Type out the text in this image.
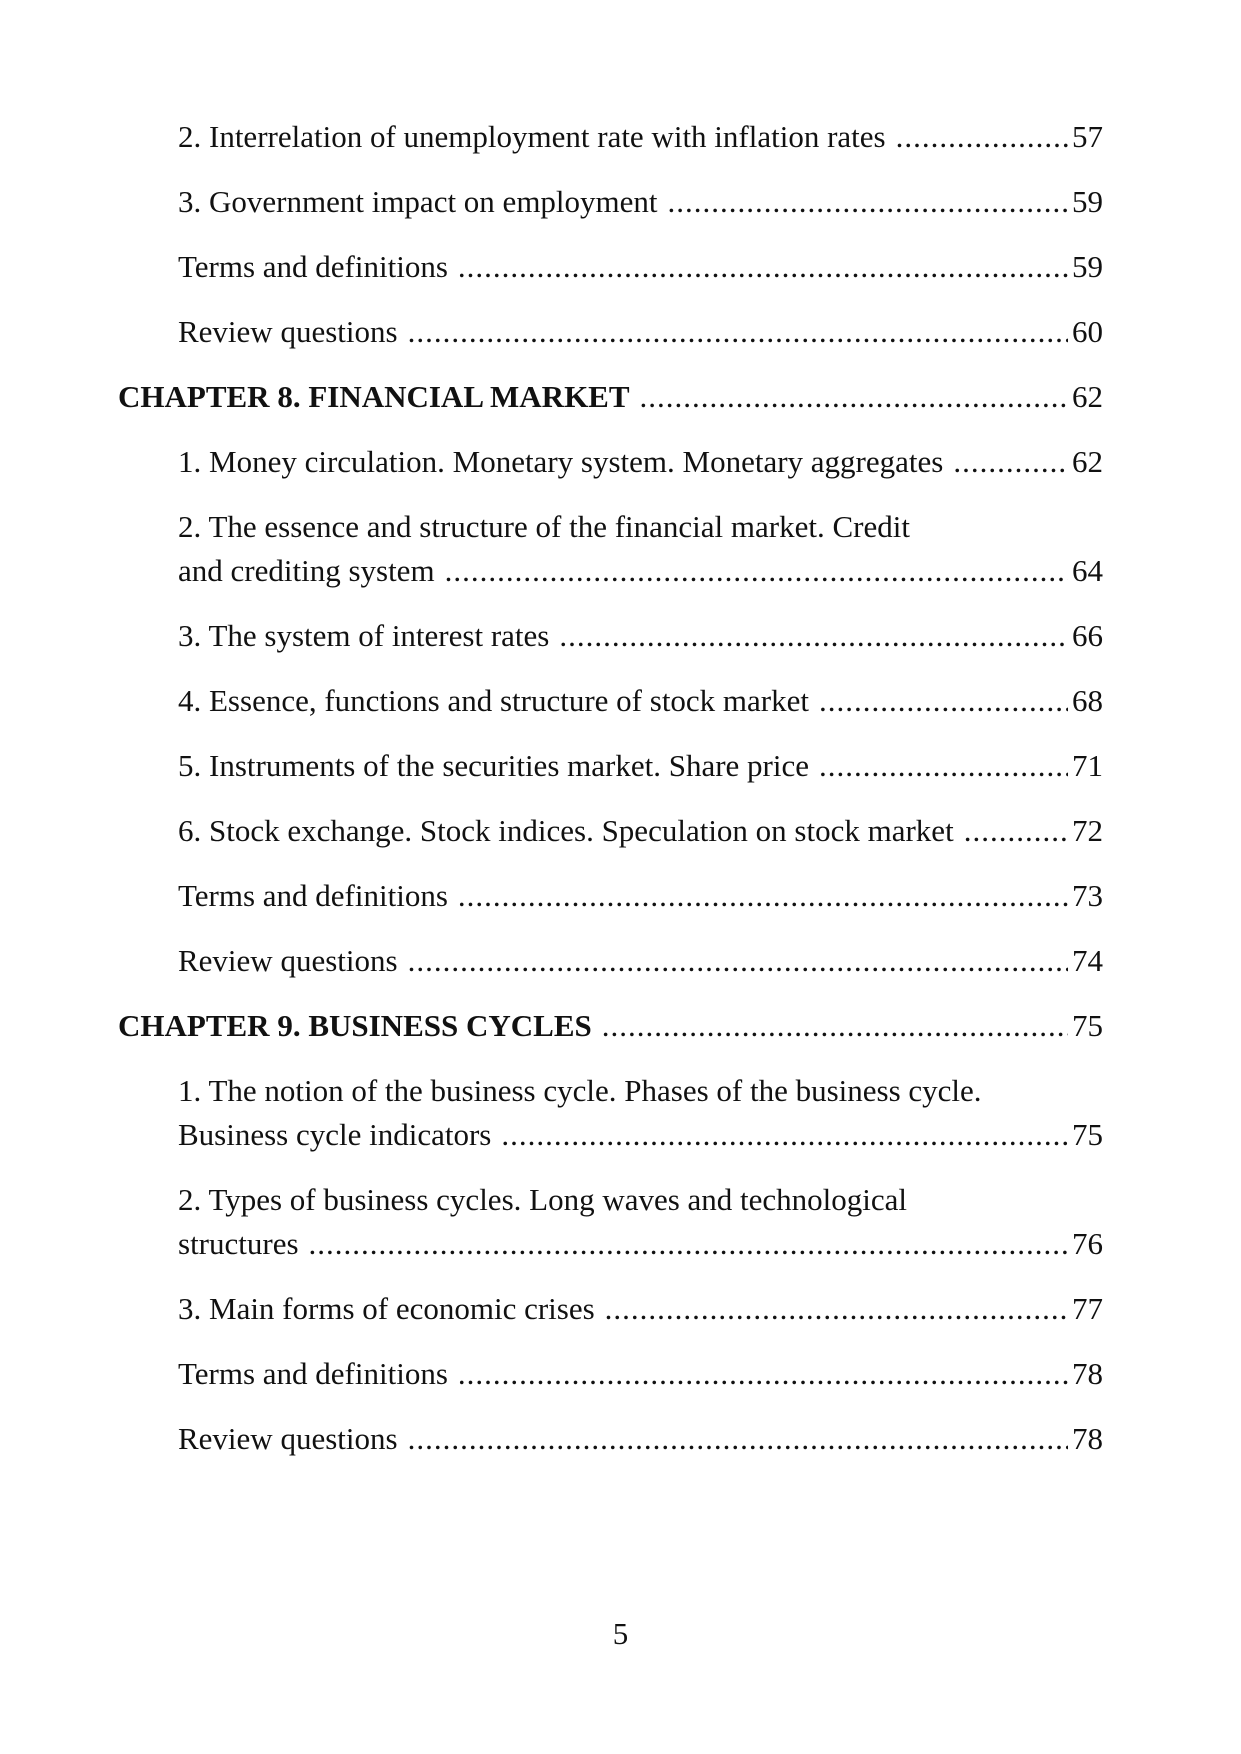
2. Interrelation of unemployment rate with inflation rates .....	57
3. Government impact on employment .....	59
Terms and definitions .....	59
Review questions .....	60
CHAPTER 8. FINANCIAL MARKET .....	62
1. Money circulation. Monetary system. Monetary aggregates .....	62
2. The essence and structure of the financial market. Credit
and crediting system .....	64
3. The system of interest rates .....	66
4. Essence, functions and structure of stock market .....	68
5. Instruments of the securities market. Share price .....	71
6. Stock exchange. Stock indices. Speculation on stock market .....	72
Terms and definitions .....	73
Review questions .....	74
CHAPTER 9. BUSINESS CYCLES .....	75
1. The notion of the business cycle. Phases of the business cycle.
Business cycle indicators .....	75
2. Types of business cycles. Long waves and technological
structures .....	76
3. Main forms of economic crises .....	77
Terms and definitions .....	78
Review questions .....	78
5
